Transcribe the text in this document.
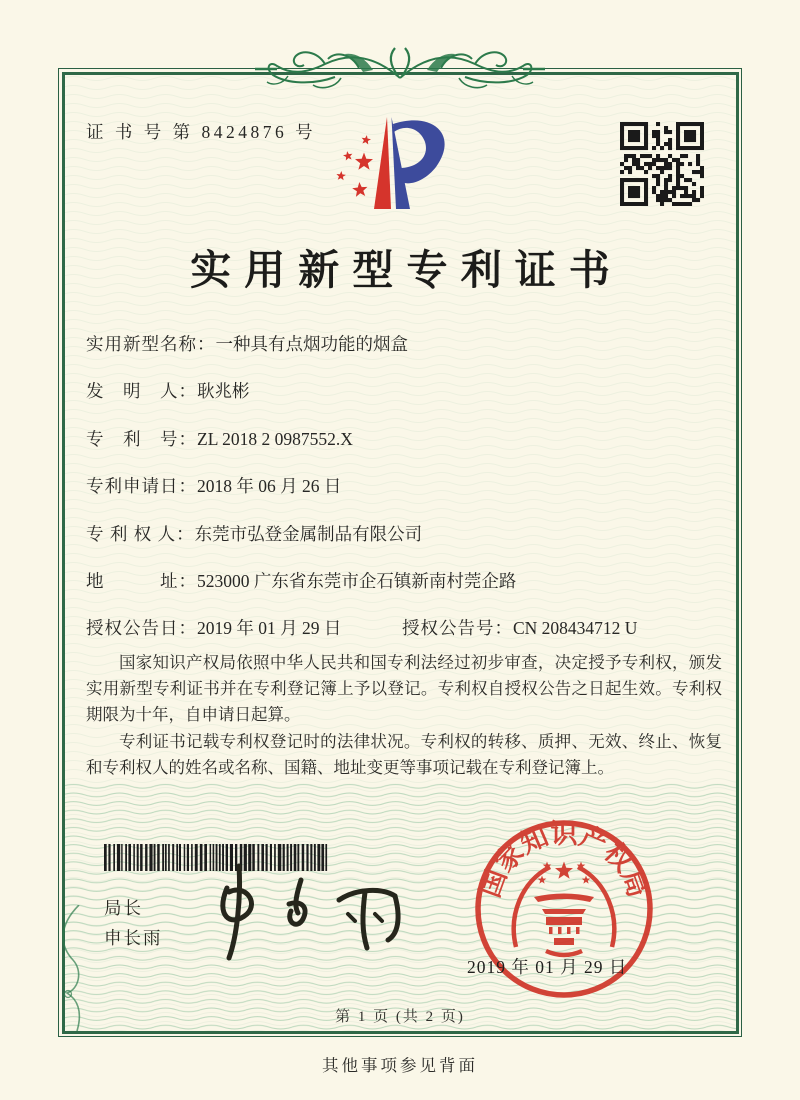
证 书 号 第 8424876 号
实用新型专利证书
实用新型名称：一种具有点烟功能的烟盒
发　明　人：耿兆彬
专　利　号：ZL 2018 2 0987552.X
专利申请日：2018 年 06 月 26 日
专 利 权 人：东莞市弘登金属制品有限公司
地　　　址：523000 广东省东莞市企石镇新南村莞企路
授权公告日：2019 年 01 月 29 日	授权公告号：CN 208434712 U

国家知识产权局依照中华人民共和国专利法经过初步审查，决定授予专利权，颁发实用新型专利证书并在专利登记簿上予以登记。专利权自授权公告之日起生效。专利权期限为十年，自申请日起算。

专利证书记载专利权登记时的法律状况。专利权的转移、质押、无效、终止、恢复和专利权人的姓名或名称、国籍、地址变更等事项记载在专利登记簿上。

局长
申长雨
国
家
知
识
产
权
局
2019 年 01 月 29 日
第 1 页 (共 2 页)
其他事项参见背面
